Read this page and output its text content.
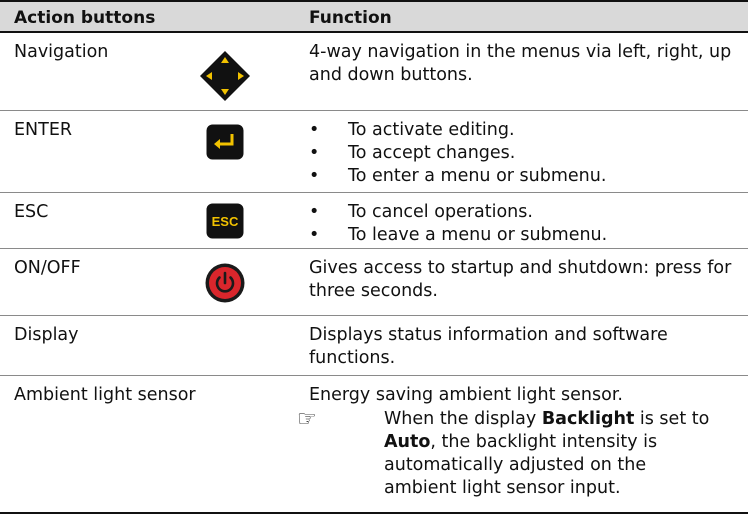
Action buttons	Function
Navigation	4-way navigation in the menus via left, right, up and down buttons.
ENTER	• To activate editing.
• To accept changes.
• To enter a menu or submenu.
ESC	ESC	• To cancel operations.
• To leave a menu or submenu.
ON/OFF	Gives access to startup and shutdown: press for three seconds.
Display	Displays status information and software functions.
Ambient light sensor	Energy saving ambient light sensor.
☞	When the display Backlight is set to Auto, the backlight intensity is automatically adjusted on the ambient light sensor input.
